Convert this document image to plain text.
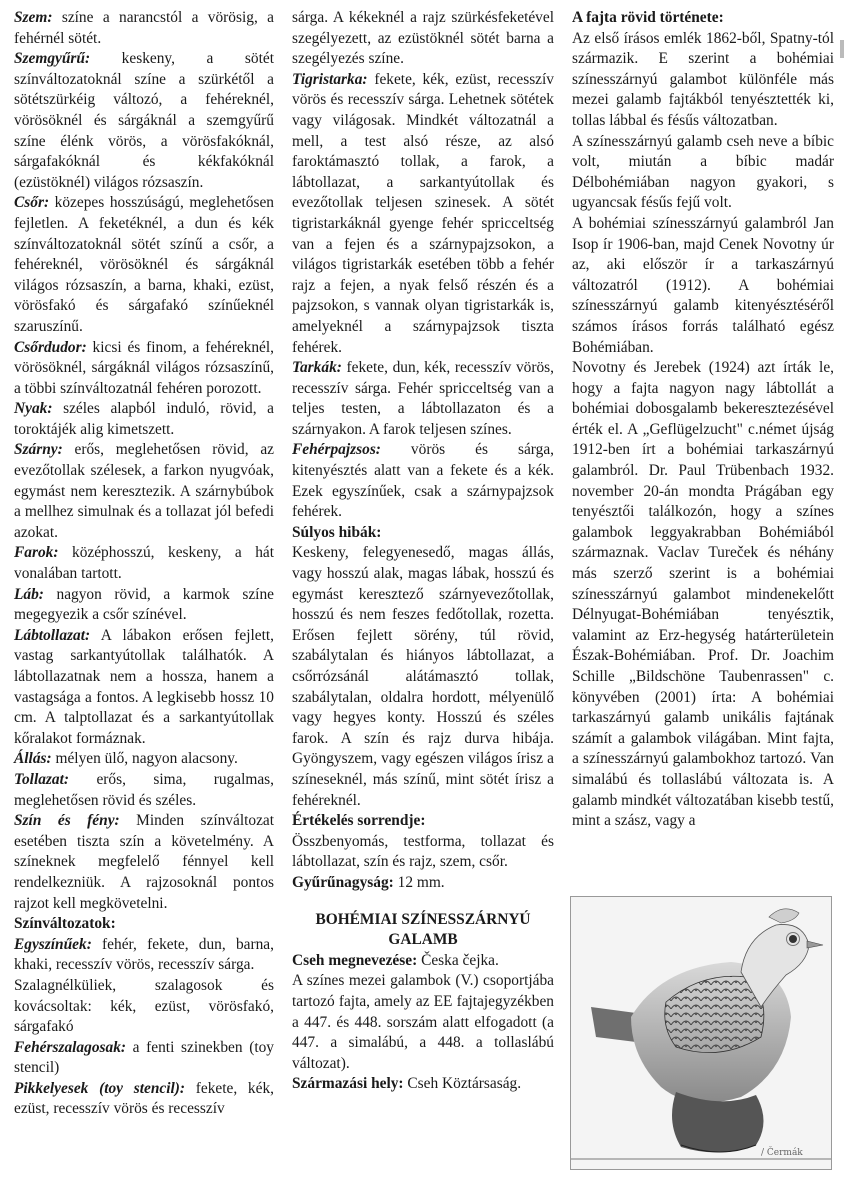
Szem: színe a narancstól a vörösig, a fehérnél sötét.

Szemgyűrű: keskeny, a sötét színváltozatoknál színe a szürkétől a sötétszürkéig változó, a fehéreknél, vörösöknél és sárgáknál a szemgyűrű színe élénk vörös, a vörösfakóknál, sárgafakóknál és kékfakóknál (ezüstöknél) világos rózsaszín.

Csőr: közepes hosszúságú, meglehetősen fejletlen. A feketéknél, a dun és kék színváltozatoknál sötét színű a csőr, a fehéreknél, vörösöknél és sárgáknál világos rózsaszín, a barna, khaki, ezüst, vörösfakó és sárgafakó színűeknél szaruszínű.

Csőrdudor: kicsi és finom, a fehéreknél, vörösöknél, sárgáknál világos rózsaszínű, a többi színváltozatnál fehéren porozott.

Nyak: széles alapból induló, rövid, a toroktájék alig kimetszett.

Szárny: erős, meglehetősen rövid, az evezőtollak szélesek, a farkon nyugvóak, egymást nem keresztezik. A szárnybúbok a mellhez simulnak és a tollazat jól befedi azokat.

Farok: középhosszú, keskeny, a hát vonalában tartott.

Láb: nagyon rövid, a karmok színe megegyezik a csőr színével.

Lábtollazat: A lábakon erősen fejlett, vastag sarkantyútollak találhatók. A lábtollazatnak nem a hossza, hanem a vastagsága a fontos. A legkisebb hossz 10 cm. A talptollazat és a sarkantyútollak kőralakot formáznak.

Állás: mélyen ülő, nagyon alacsony.

Tollazat: erős, sima, rugalmas, meglehetősen rövid és széles.

Szín és fény: Minden színváltozat esetében tiszta szín a követelmény. A színeknek megfelelő fénnyel kell rendelkezniük. A rajzosoknál pontos rajzot kell megkövetelni.

Színváltozatok:

Egyszínűek: fehér, fekete, dun, barna, khaki, recesszív vörös, recesszív sárga.

Szalagnélküliek, szalagosok és kovácsoltak: kék, ezüst, vörösfakó, sárgafakó

Fehérszalagosak: a fenti szinekben (toy stencil)

Pikkelyesek (toy stencil): fekete, kék, ezüst, recesszív vörös és recesszív

sárga. A kékeknél a rajz szürkésfeketével szegélyezett, az ezüstöknél sötét barna a szegélyezés színe.

Tigristarka: fekete, kék, ezüst, recesszív vörös és recesszív sárga. Lehetnek sötétek vagy világosak. Mindkét változatnál a mell, a test alsó része, az alsó faroktámasztó tollak, a farok, a lábtollazat, a sarkantyútollak és evezőtollak teljesen szinesek. A sötét tigristarkáknál gyenge fehér spricceltség van a fejen és a szárnypajzsokon, a világos tigristarkák esetében több a fehér rajz a fejen, a nyak felső részén és a pajzsokon, s vannak olyan tigristarkák is, amelyeknél a szárnypajzsok tiszta fehérek.

Tarkák: fekete, dun, kék, recesszív vörös, recesszív sárga. Fehér spricceltség van a teljes testen, a lábtollazaton és a szárnyakon. A farok teljesen színes.

Fehérpajzsos: vörös és sárga, kitenyésztés alatt van a fekete és a kék. Ezek egyszínűek, csak a szárnypajzsok fehérek.

Súlyos hibák:

Keskeny, felegyenesedő, magas állás, vagy hosszú alak, magas lábak, hosszú és egymást keresztező szárnyevezőtollak, hosszú és nem feszes fedőtollak, rozetta. Erősen fejlett sörény, túl rövid, szabálytalan és hiányos lábtollazat, a csőrrózsánál alátámasztó tollak, szabálytalan, oldalra hordott, mélyenülő vagy hegyes konty. Hosszú és széles farok. A szín és rajz durva hibája. Gyöngyszem, vagy egészen világos írisz a színeseknél, más színű, mint sötét írisz a fehéreknél.

Értékelés sorrendje:

Összbenyomás, testforma, tollazat és lábtollazat, szín és rajz, szem, csőr.

Gyűrűnagyság: 12 mm.

BOHÉMIAI SZÍNESSZÁRNYÚ
GALAMB

Cseh megnevezése: Česka čejka.

A színes mezei galambok (V.) csoportjába tartozó fajta, amely az EE fajtajegyzékben a 447. és 448. sorszám alatt elfogadott (a 447. a simalábú, a 448. a tollaslábú változat).

Származási hely: Cseh Köztársaság.

A fajta rövid története:

Az első írásos emlék 1862-ből, Spatny-tól származik. E szerint a bohémiai színesszárnyú galambot különféle más mezei galamb fajtákból tenyésztették ki, tollas lábbal és fésűs változatban.

A színesszárnyú galamb cseh neve a bíbic volt, miután a bíbic madár Délbohémiában nagyon gyakori, s ugyancsak fésűs fejű volt.

A bohémiai színesszárnyú galambról Jan Isop ír 1906-ban, majd Cenek Novotny úr az, aki először ír a tarkaszárnyú változatról (1912). A bohémiai színesszárnyú galamb kitenyésztéséről számos írásos forrás található egész Bohémiában.

Novotny és Jerebek (1924) azt írták le, hogy a fajta nagyon nagy lábtollát a bohémiai dobosgalamb bekeresztezésével érték el. A „Geflügelzucht" c.német újság 1912-ben írt a bohémiai tarkaszárnyú galambról. Dr. Paul Trübenbach 1932. november 20-án mondta Prágában egy tenyésztői találkozón, hogy a színes galambok leggyakrabban Bohémiából származnak. Vaclav Tureček és néhány más szerző szerint is a bohémiai színesszárnyú galambot mindenekelőtt Délnyugat-Bohémiában tenyésztik, valamint az Erz-hegység határterületein Észak-Bohémiában. Prof. Dr. Joachim Schille „Bildschöne Taubenrassen" c. könyvében (2001) írta: A bohémiai tarkaszárnyú galamb unikális fajtának számít a galambok világában. Mint fajta, a színesszárnyú galambokhoz tartozó. Van simalábú és tollaslábú változata is. A galamb mindkét változatában kisebb testű, mint a szász, vagy a

/ Čermák
